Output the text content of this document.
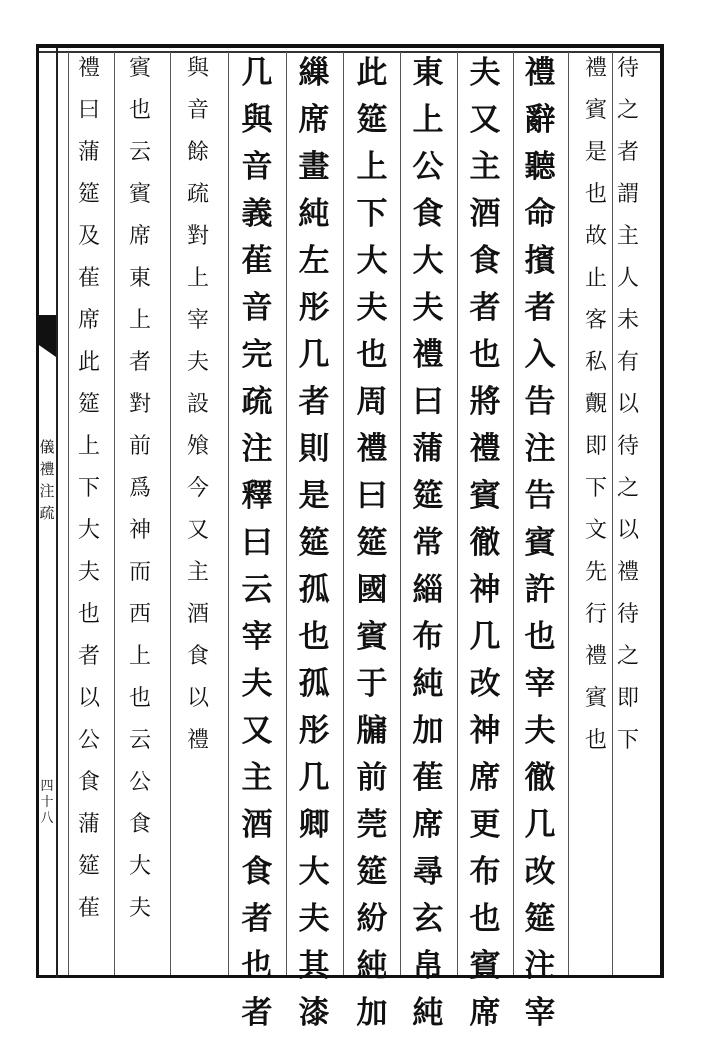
儀
禮
注
疏
四
十
八
待
之
者
謂
主
人
未
有
以
待
之
以
禮
待
之
即
下
禮
賓
是
也
故
止
客
私
覿
即
下
文
先
行
禮
賓
也
禮
辭
聽
命
擯
者
入
告
注
告
賓
許
也
宰
夫
徹
几
改
筵
注
宰
夫
又
主
酒
食
者
也
將
禮
賓
徹
神
几
改
神
席
更
布
也
賓
席
東
上
公
食
大
夫
禮
曰
蒲
筵
常
緇
布
純
加
萑
席
尋
玄
帛
純
此
筵
上
下
大
夫
也
周
禮
曰
筵
國
賓
于
牖
前
莞
筵
紛
純
加
繅
席
畫
純
左
彤
几
者
則
是
筵
孤
也
孤
彤
几
卿
大
夫
其
漆
几
與
音
義
萑
音
完
疏
注
釋
曰
云
宰
夫
又
主
酒
食
者
也
者
與
音
餘
疏
對
上
宰
夫
設
飧
今
又
主
酒
食
以
禮
賓
也
云
賓
席
東
上
者
對
前
爲
神
而
西
上
也
云
公
食
大
夫
禮
曰
蒲
筵
及
萑
席
此
筵
上
下
大
夫
也
者
以
公
食
蒲
筵
萑
